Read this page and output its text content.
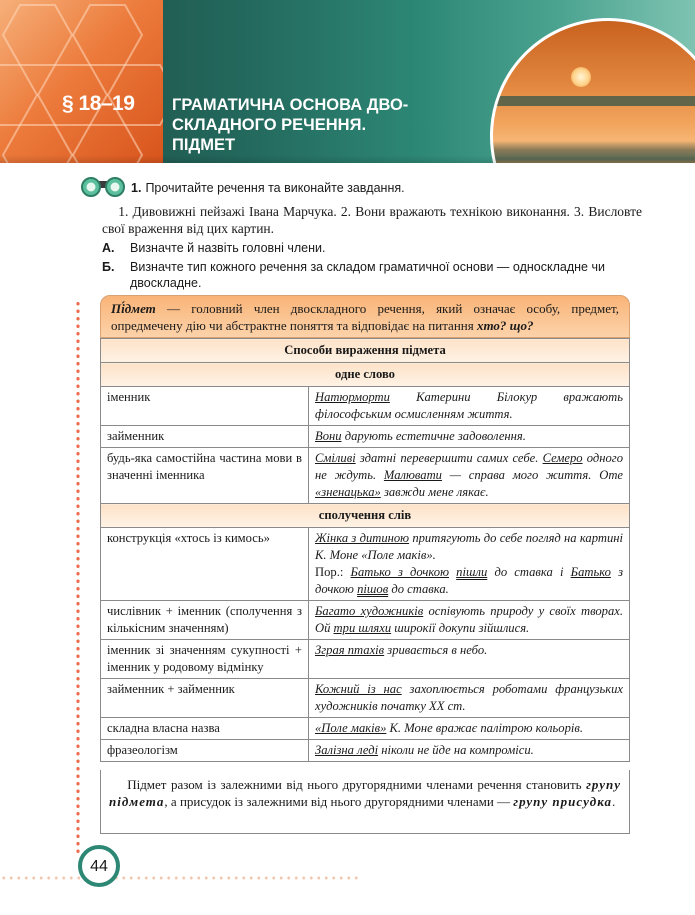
§ 18–19 ГРАМАТИЧНА ОСНОВА ДВО-
СКЛАДНОГО РЕЧЕННЯ.
ПІДМЕТ
1. Прочитайте речення та виконайте завдання.
1. Дивовижні пейзажі Івана Марчука. 2. Вони вражають технікою виконання. 3. Висловте свої враження від цих картин.
А. Визначте й назвіть головні члени.
Б. Визначте тип кожного речення за складом граматичної основи — односкладне чи двоскладне.
Пі́дмет — головний член двоскладного речення, який означає особу, предмет, опредмечену дію чи абстрактне поняття та відповідає на питання хто? що?
Способи вираження підмета	
одне слово	
іменник	Натюрморти Катерини Білокур вражають філософським осмисленням життя.
займенник	Вони дарують естетичне задоволення.
будь-яка самостійна частина мови в значенні іменника	Сміливі здатні перевершити самих себе. Семеро одного не ждуть. Малювати — справа мого життя. Оте «зненацька» завжди мене лякає.
сполучення слів	
конструкція «хтось із кимось»	Жінка з дитиною притягують до себе погляд на картині К. Моне «Поле маків».
Пор.: Батько з дочкою пішли до ставка і Батько з дочкою пішов до ставка.
числівник + іменник (сполучення з кількісним значенням)	Багато художників оспівують природу у своїх творах. Ой три шляхи широкії докупи зійшлися.
іменник зі значенням сукупності + іменник у родовому відмінку	Зграя птахів зривається в небо.
займенник + займенник	Кожний із нас захоплюється роботами французьких художників початку ХХ ст.
складна власна назва	«Поле маків» К. Моне вражає палітрою кольорів.
фразеологізм	Залізна леді ніколи не йде на компроміси.
Підмет разом із залежними від нього другорядними членами речення становить групу підмета, а присудок із залежними від нього другорядними членами — групу присудка.
44
